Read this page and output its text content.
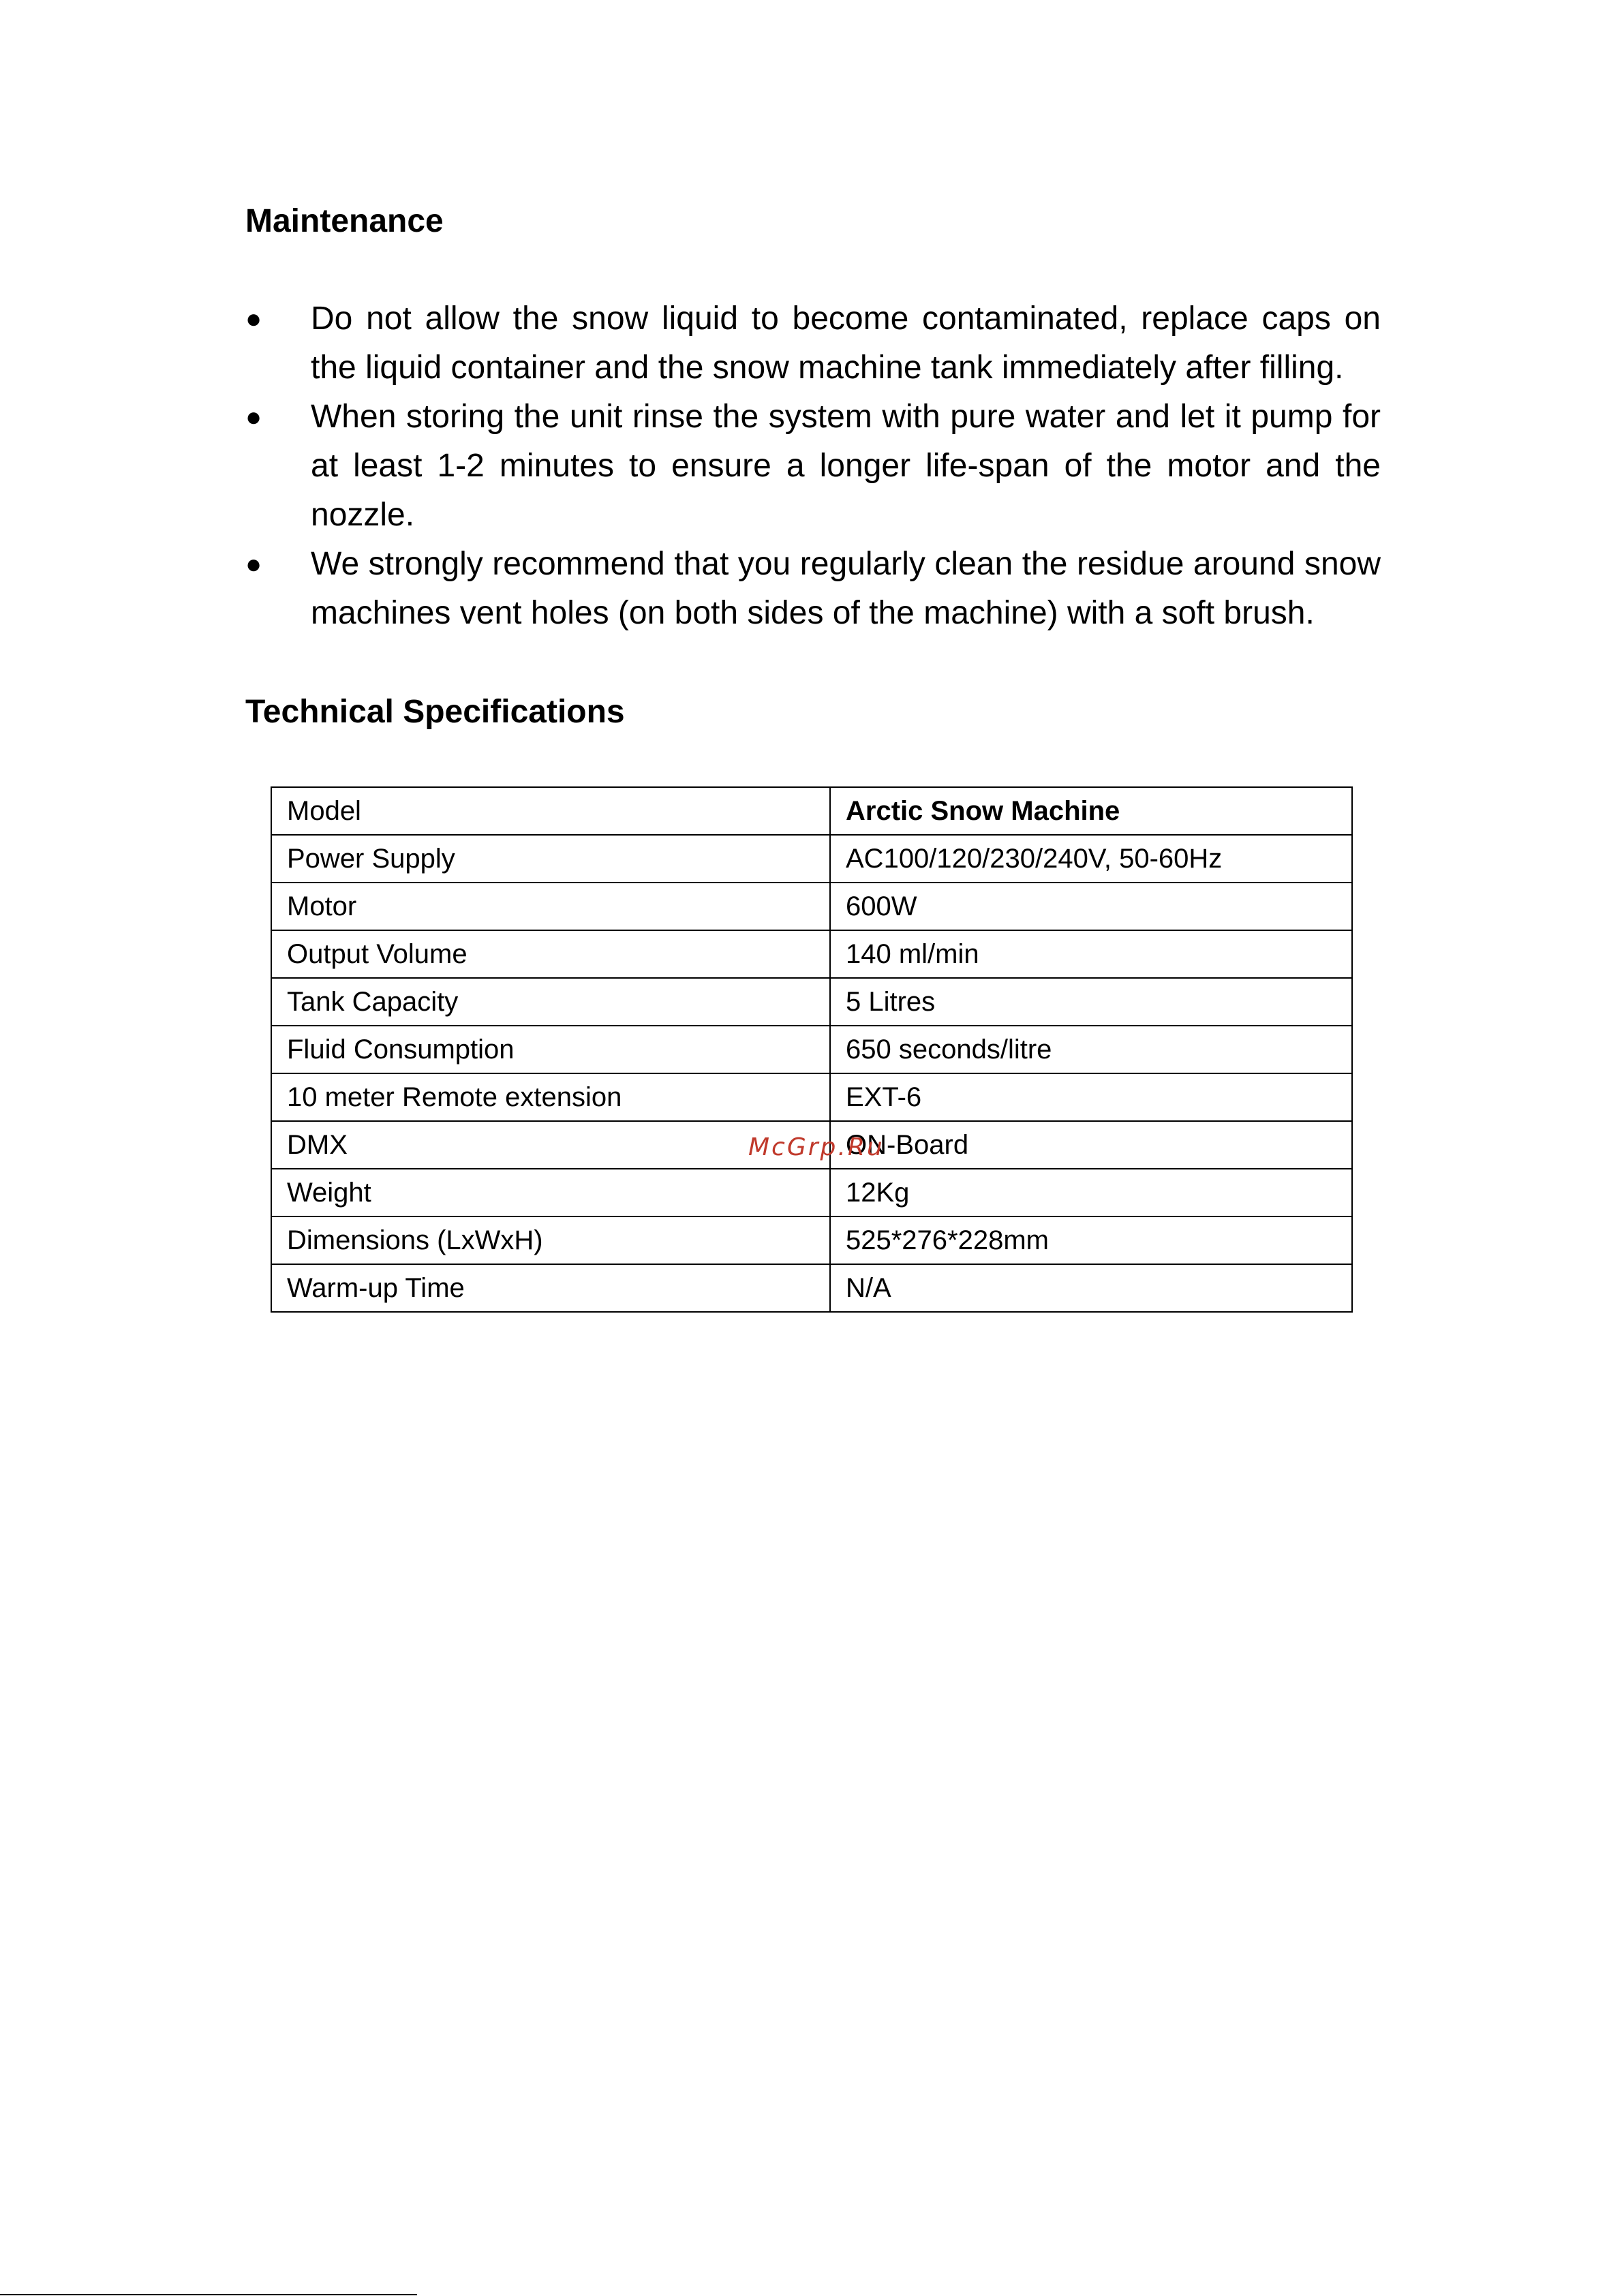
Maintenance
●	Do not allow the snow liquid to become contaminated, replace caps on the liquid container and the snow machine tank immediately after filling.
●	When storing the unit rinse the system with pure water and let it pump for at least 1-2 minutes to ensure a longer life-span of the motor and the nozzle.
●	We strongly recommend that you regularly clean the residue around snow machines vent holes (on both sides of the machine) with a soft brush.
Technical Specifications
Model	Arctic Snow Machine
Power Supply	AC100/120/230/240V, 50-60Hz
Motor	600W
Output Volume	140 ml/min
Tank Capacity	5 Litres
Fluid Consumption	650 seconds/litre
10 meter Remote extension	EXT-6
DMX	ON-Board
Weight	12Kg
Dimensions (LxWxH)	525*276*228mm
Warm-up Time	N/A
McGrp.Ru
